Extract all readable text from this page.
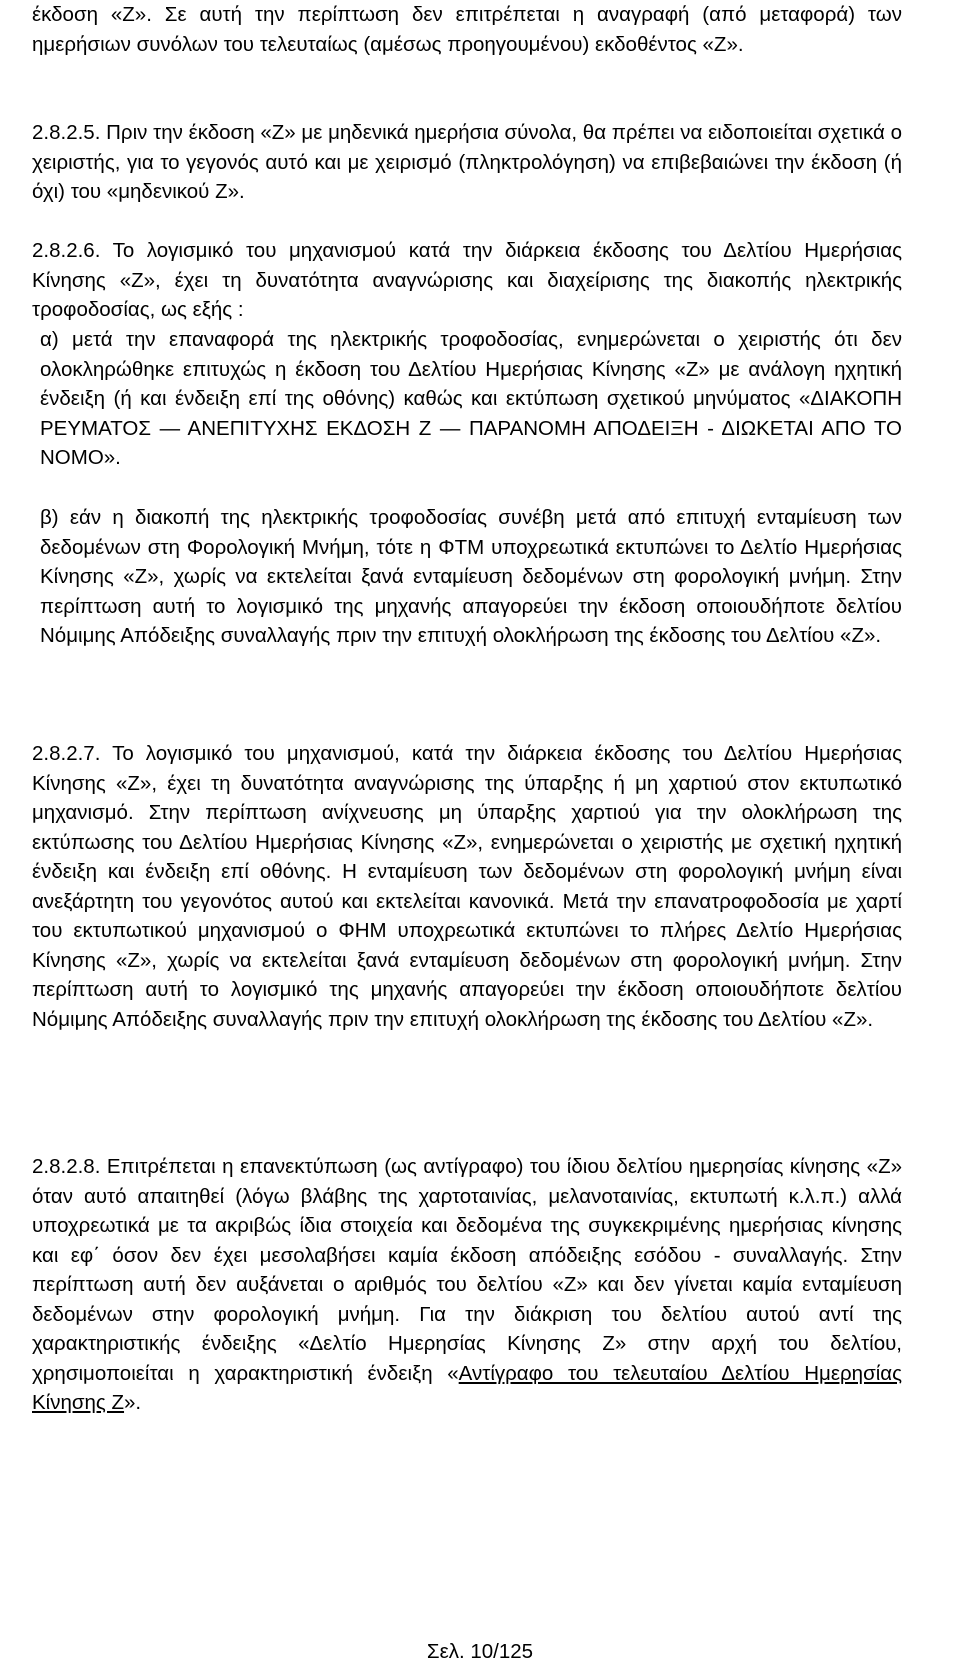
έκδοση «Ζ». Σε αυτή την περίπτωση δεν επιτρέπεται η αναγραφή (από μεταφορά) των ημερήσιων συνόλων του τελευταίως (αμέσως προηγουμένου) εκδοθέντος «Ζ».

2.8.2.5. Πριν την έκδοση «Ζ» με μηδενικά ημερήσια σύνολα, θα πρέπει να ειδοποιείται σχετικά ο χειριστής, για το γεγονός αυτό και με χειρισμό (πληκτρολόγηση) να επιβεβαιώνει την έκδοση (ή όχι) του «μηδενικού Ζ».

2.8.2.6. Το λογισμικό του μηχανισμού κατά την διάρκεια έκδοσης του Δελτίου Ημερήσιας Κίνησης «Ζ», έχει τη δυνατότητα αναγνώρισης και διαχείρισης της διακοπής ηλεκτρικής τροφοδοσίας, ως εξής :

α) μετά την επαναφορά της ηλεκτρικής τροφοδοσίας, ενημερώνεται ο χειριστής ότι δεν ολοκληρώθηκε επιτυχώς η έκδοση του Δελτίου Ημερήσιας Κίνησης «Ζ» με ανάλογη ηχητική ένδειξη (ή και ένδειξη επί της οθόνης) καθώς και εκτύπωση σχετικού μηνύματος «ΔΙΑΚΟΠΗ ΡΕΥΜΑΤΟΣ — ΑΝΕΠΙΤΥΧΗΣ ΕΚΔΟΣΗ Ζ — ΠΑΡΑΝΟΜΗ ΑΠΟΔΕΙΞΗ - ΔΙΩΚΕΤΑΙ ΑΠΟ ΤΟ ΝΟΜΟ».

β) εάν η διακοπή της ηλεκτρικής τροφοδοσίας συνέβη μετά από επιτυχή ενταμίευση των δεδομένων στη Φορολογική Μνήμη, τότε η ΦΤΜ υποχρεωτικά εκτυπώνει το Δελτίο Ημερήσιας Κίνησης «Ζ», χωρίς να εκτελείται ξανά ενταμίευση δεδομένων στη φορολογική μνήμη. Στην περίπτωση αυτή το λογισμικό της μηχανής απαγορεύει την έκδοση οποιουδήποτε δελτίου Νόμιμης Απόδειξης συναλλαγής πριν την επιτυχή ολοκλήρωση της έκδοσης του Δελτίου «Ζ».

2.8.2.7. Το λογισμικό του μηχανισμού, κατά την διάρκεια έκδοσης του Δελτίου Ημερήσιας Κίνησης «Ζ», έχει τη δυνατότητα αναγνώρισης της ύπαρξης ή μη χαρτιού στον εκτυπωτικό μηχανισμό. Στην περίπτωση ανίχνευσης μη ύπαρξης χαρτιού για την ολοκλήρωση της εκτύπωσης του Δελτίου Ημερήσιας Κίνησης «Ζ», ενημερώνεται ο χειριστής με σχετική ηχητική ένδειξη και ένδειξη επί οθόνης. Η ενταμίευση των δεδομένων στη φορολογική μνήμη είναι ανεξάρτητη του γεγονότος αυτού και εκτελείται κανονικά. Μετά την επανατροφοδοσία με χαρτί του εκτυπωτικού μηχανισμού ο ΦΗΜ υποχρεωτικά εκτυπώνει το πλήρες Δελτίο Ημερήσιας Κίνησης «Ζ», χωρίς να εκτελείται ξανά ενταμίευση δεδομένων στη φορολογική μνήμη. Στην περίπτωση αυτή το λογισμικό της μηχανής απαγορεύει την έκδοση οποιουδήποτε δελτίου Νόμιμης Απόδειξης συναλλαγής πριν την επιτυχή ολοκλήρωση της έκδοσης του Δελτίου «Ζ».

2.8.2.8. Επιτρέπεται η επανεκτύπωση (ως αντίγραφο) του ίδιου δελτίου ημερησίας κίνησης «Ζ» όταν αυτό απαιτηθεί (λόγω βλάβης της χαρτοταινίας, μελανοταινίας, εκτυπωτή κ.λ.π.) αλλά υποχρεωτικά με τα ακριβώς ίδια στοιχεία και δεδομένα της συγκεκριμένης ημερήσιας κίνησης και εφ΄ όσον δεν έχει μεσολαβήσει καμία έκδοση απόδειξης εσόδου - συναλλαγής. Στην περίπτωση αυτή δεν αυξάνεται ο αριθμός του δελτίου «Ζ» και δεν γίνεται καμία ενταμίευση δεδομένων στην φορολογική μνήμη. Για την διάκριση του δελτίου αυτού αντί της χαρακτηριστικής ένδειξης «Δελτίο Ημερησίας Κίνησης Ζ» στην αρχή του δελτίου, χρησιμοποιείται η χαρακτηριστική ένδειξη «Αντίγραφο του τελευταίου Δελτίου Ημερησίας Κίνησης Ζ».

Σελ. 10/125
